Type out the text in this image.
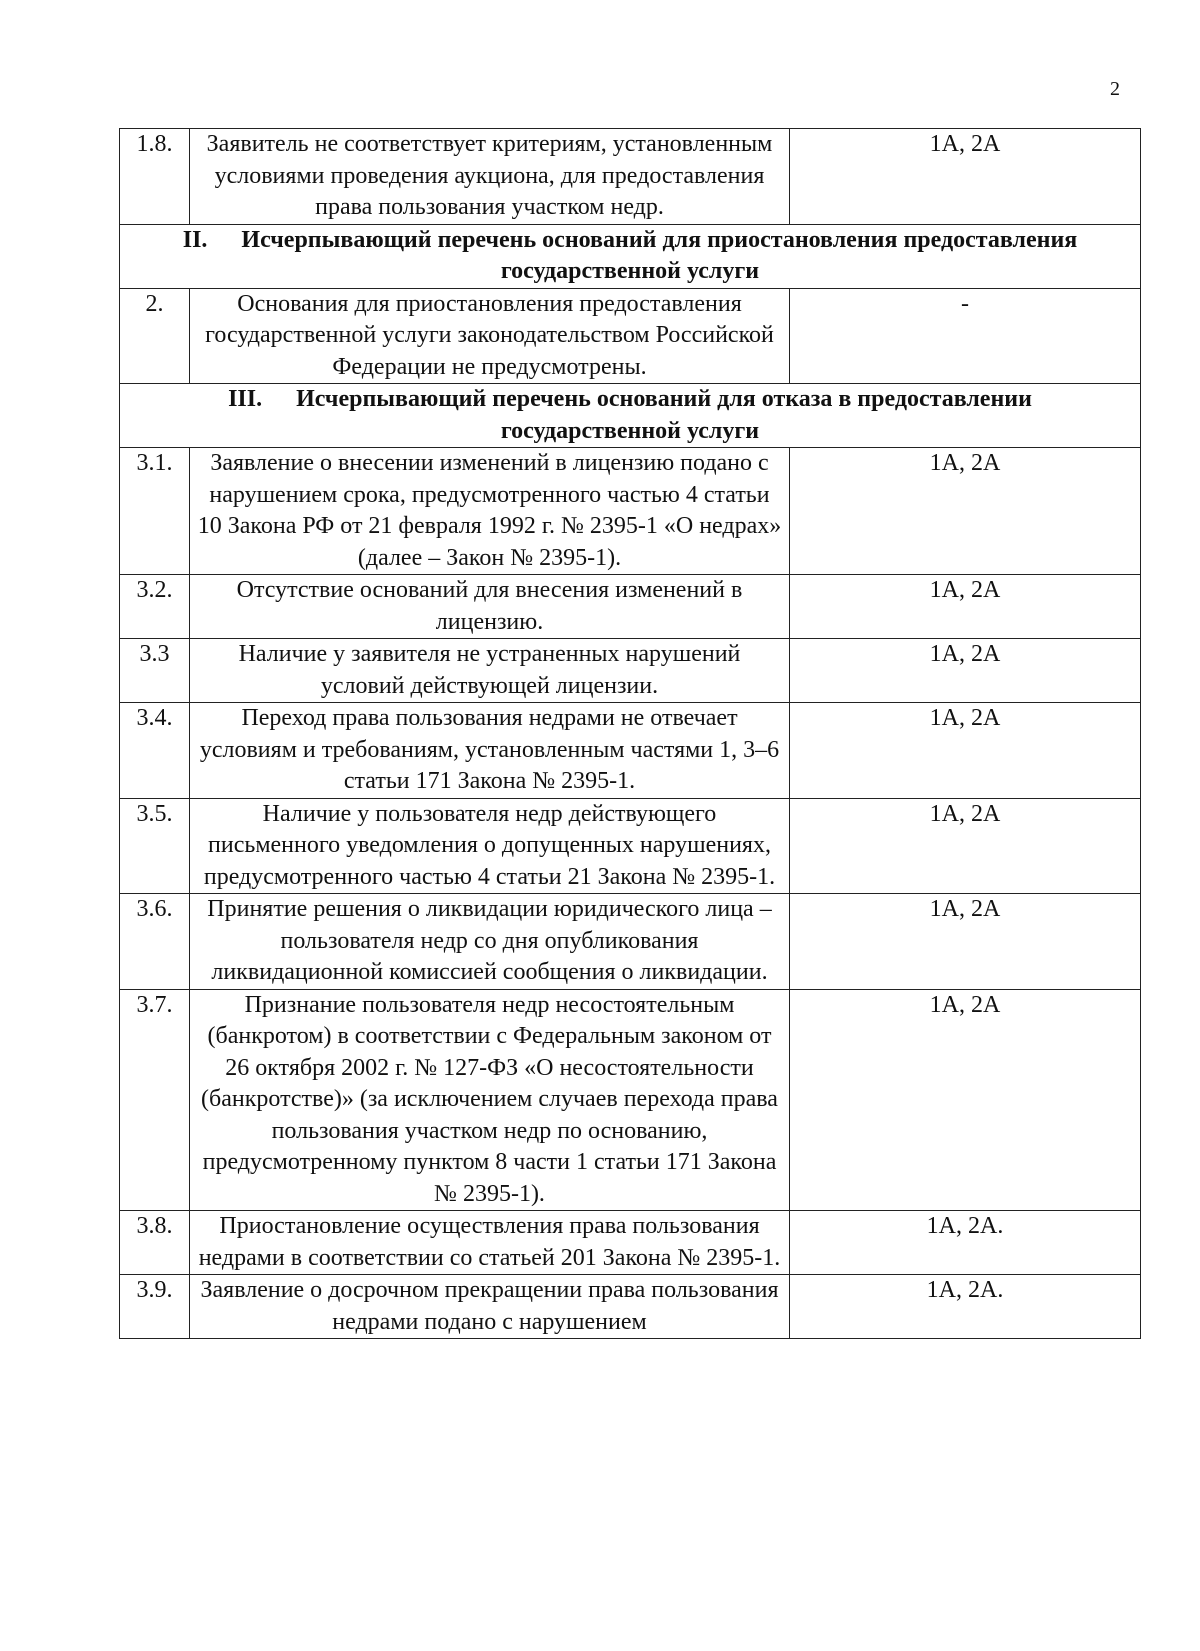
2
1.8.	Заявитель не соответствует критериям, установленным условиями проведения аукциона, для предоставления права пользования участком недр.	1А, 2А
II. Исчерпывающий перечень оснований для приостановления предоставления государственной услуги		
2.	Основания для приостановления предоставления государственной услуги законодательством Российской Федерации не предусмотрены.	-
III. Исчерпывающий перечень оснований для отказа в предоставлении государственной услуги		
3.1.	Заявление о внесении изменений в лицензию подано с нарушением срока, предусмотренного частью 4 статьи 10 Закона РФ от 21 февраля 1992 г. № 2395-1 «О недрах» (далее – Закон № 2395-1).	1А, 2А
3.2.	Отсутствие оснований для внесения изменений в лицензию.	1А, 2А
3.3	Наличие у заявителя не устраненных нарушений условий действующей лицензии.	1А, 2А
3.4.	Переход права пользования недрами не отвечает условиям и требованиям, установленным частями 1, 3–6 статьи 171 Закона № 2395-1.	1А, 2А
3.5.	Наличие у пользователя недр действующего письменного уведомления о допущенных нарушениях, предусмотренного частью 4 статьи 21 Закона № 2395-1.	1А, 2А
3.6.	Принятие решения о ликвидации юридического лица – пользователя недр со дня опубликования ликвидационной комиссией сообщения о ликвидации.	1А, 2А
3.7.	Признание пользователя недр несостоятельным (банкротом) в соответствии с Федеральным законом от 26 октября 2002 г. № 127-ФЗ «О несостоятельности (банкротстве)» (за исключением случаев перехода права пользования участком недр по основанию, предусмотренному пунктом 8 части 1 статьи 171 Закона № 2395-1).	1А, 2А
3.8.	Приостановление осуществления права пользования недрами в соответствии со статьей 201 Закона № 2395-1.	1А, 2А.
3.9.	Заявление о досрочном прекращении права пользования недрами подано с нарушением	1А, 2А.
